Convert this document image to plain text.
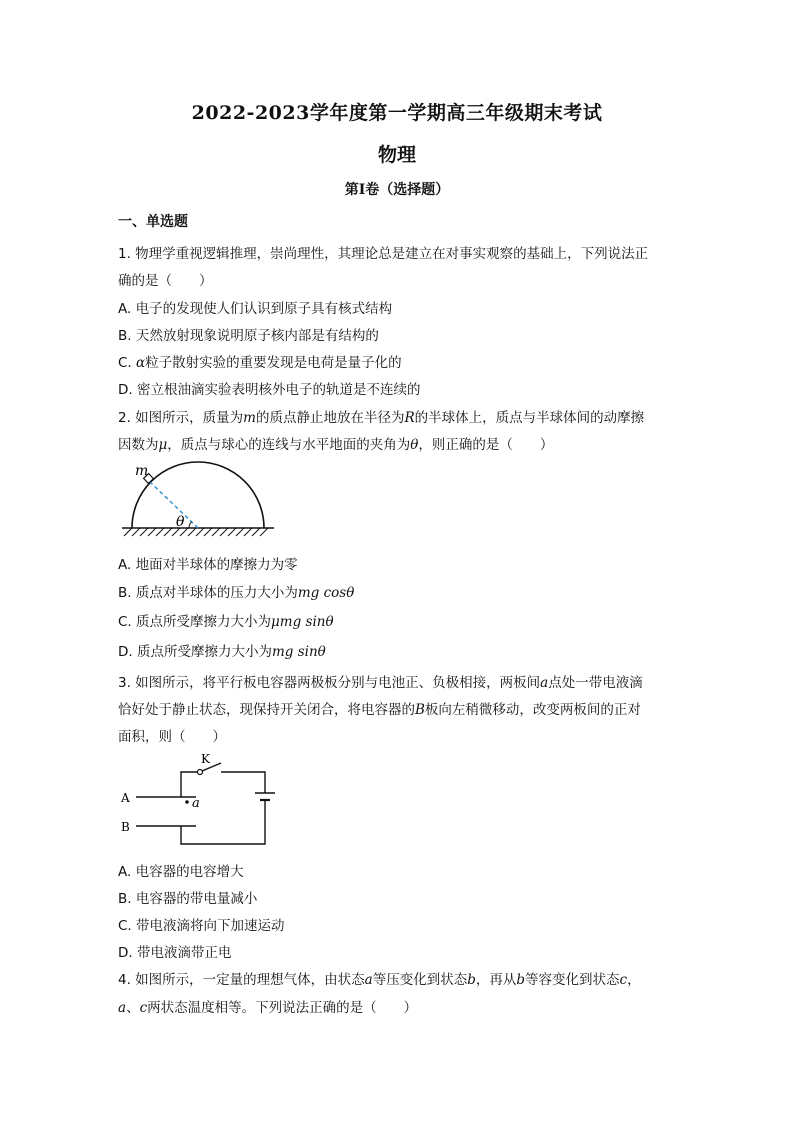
2022-2023学年度第一学期高三年级期末考试
物理
第I卷（选择题）
一、单选题
1. 物理学重视逻辑推理，崇尚理性，其理论总是建立在对事实观察的基础上，下列说法正
确的是（　　）
A. 电子的发现使人们认识到原子具有核式结构
B. 天然放射现象说明原子核内部是有结构的
C. α粒子散射实验的重要发现是电荷是量子化的
D. 密立根油滴实验表明核外电子的轨道是不连续的
2. 如图所示，质量为m的质点静止地放在半径为R的半球体上，质点与半球体间的动摩擦
因数为μ，质点与球心的连线与水平地面的夹角为θ，则正确的是（　　）
m
θ
A. 地面对半球体的摩擦力为零
B. 质点对半球体的压力大小为mg cosθ
C. 质点所受摩擦力大小为μmg sinθ
D. 质点所受摩擦力大小为mg sinθ
3. 如图所示，将平行板电容器两极板分别与电池正、负极相接，两板间a点处一带电液滴
恰好处于静止状态，现保持开关闭合，将电容器的B板向左稍微移动，改变两板间的正对
面积，则（　　）
K
A
B
a
A. 电容器的电容增大
B. 电容器的带电量减小
C. 带电液滴将向下加速运动
D. 带电液滴带正电
4. 如图所示，一定量的理想气体，由状态a等压变化到状态b，再从b等容变化到状态c，
a、c两状态温度相等。下列说法正确的是（　　）
